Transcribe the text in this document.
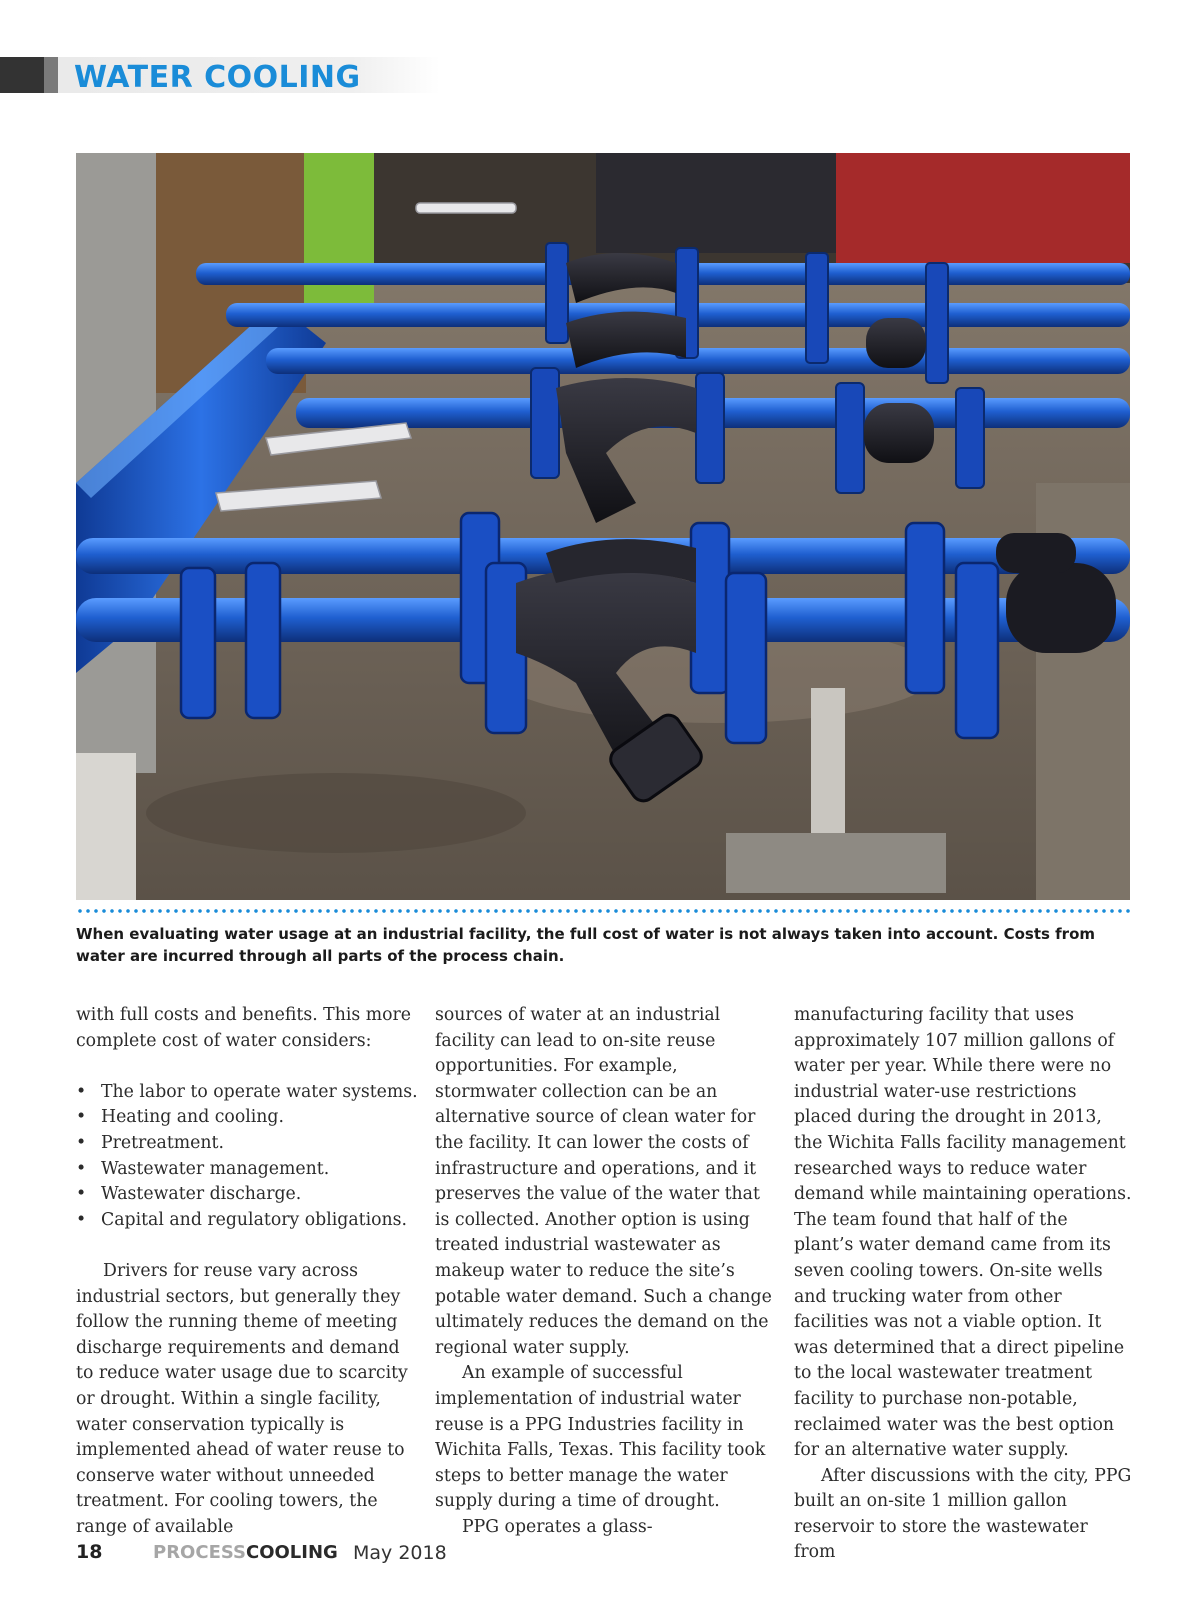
WATER COOLING
When evaluating water usage at an industrial facility, the full cost of water is not always taken into account. Costs from water are incurred through all parts of the process chain.

with full costs and benefits. This more complete cost of water considers:

• The labor to operate water systems.
• Heating and cooling.
• Pretreatment.
• Wastewater management.
• Wastewater discharge.
• Capital and regulatory obligations.

Drivers for reuse vary across industrial sectors, but generally they follow the running theme of meeting discharge requirements and demand to reduce water usage due to scarcity or drought. Within a single facility, water conservation typically is implemented ahead of water reuse to conserve water without unneeded treatment. For cooling towers, the range of available

sources of water at an industrial facility can lead to on-site reuse opportunities. For example, stormwater collection can be an alternative source of clean water for the facility. It can lower the costs of infrastructure and operations, and it preserves the value of the water that is collected. Another option is using treated industrial wastewater as makeup water to reduce the site’s potable water demand. Such a change ultimately reduces the demand on the regional water supply.

An example of successful implementation of industrial water reuse is a PPG Industries facility in Wichita Falls, Texas. This facility took steps to better manage the water supply during a time of drought.

PPG operates a glass-

manufacturing facility that uses approximately 107 million gallons of water per year. While there were no industrial water-use restrictions placed during the drought in 2013, the Wichita Falls facility management researched ways to reduce water demand while maintaining operations. The team found that half of the plant’s water demand came from its seven cooling towers. On-site wells and trucking water from other facilities was not a viable option. It was determined that a direct pipeline to the local wastewater treatment facility to purchase non-potable, reclaimed water was the best option for an alternative water supply.

After discussions with the city, PPG built an on-site 1 million gallon reservoir to store the wastewater from

18	PROCESSCOOLING May 2018
